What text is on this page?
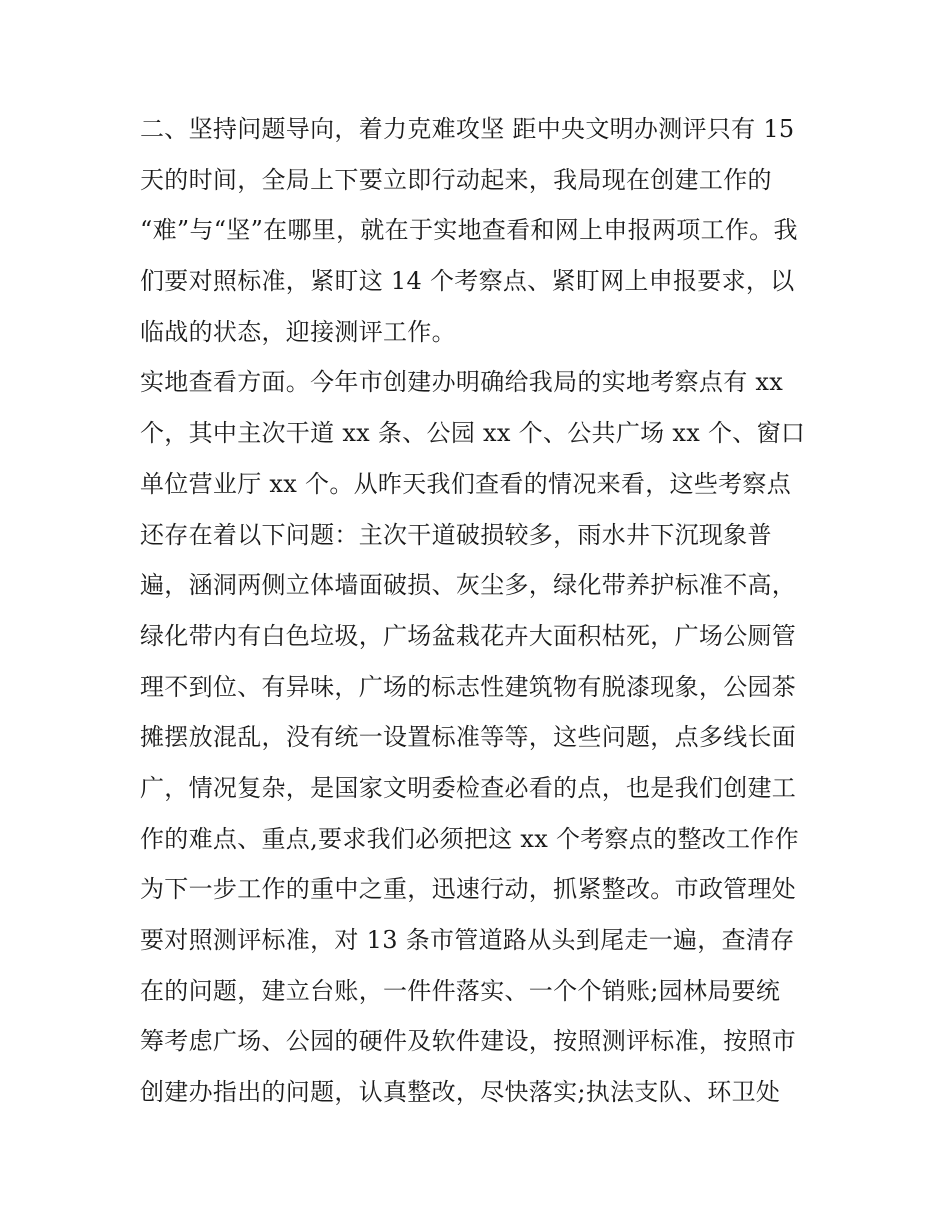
二、坚持问题导向，着力克难攻坚 距中央文明办测评只有 15
天的时间，全局上下要立即行动起来，我局现在创建工作的
“难”与“坚”在哪里，就在于实地查看和网上申报两项工作。我
们要对照标准，紧盯这 14 个考察点、紧盯网上申报要求，以
临战的状态，迎接测评工作。
实地查看方面。今年市创建办明确给我局的实地考察点有 xx
个，其中主次干道 xx 条、公园 xx 个、公共广场 xx 个、窗口
单位营业厅 xx 个。从昨天我们查看的情况来看，这些考察点
还存在着以下问题：主次干道破损较多，雨水井下沉现象普
遍，涵洞两侧立体墙面破损、灰尘多，绿化带养护标准不高，
绿化带内有白色垃圾，广场盆栽花卉大面积枯死，广场公厕管
理不到位、有异味，广场的标志性建筑物有脱漆现象，公园茶
摊摆放混乱，没有统一设置标准等等，这些问题，点多线长面
广，情况复杂，是国家文明委检查必看的点，也是我们创建工
作的难点、重点,要求我们必须把这 xx 个考察点的整改工作作
为下一步工作的重中之重，迅速行动，抓紧整改。市政管理处
要对照测评标准，对 13 条市管道路从头到尾走一遍，查清存
在的问题，建立台账，一件件落实、一个个销账;园林局要统
筹考虑广场、公园的硬件及软件建设，按照测评标准，按照市
创建办指出的问题，认真整改，尽快落实;执法支队、环卫处
